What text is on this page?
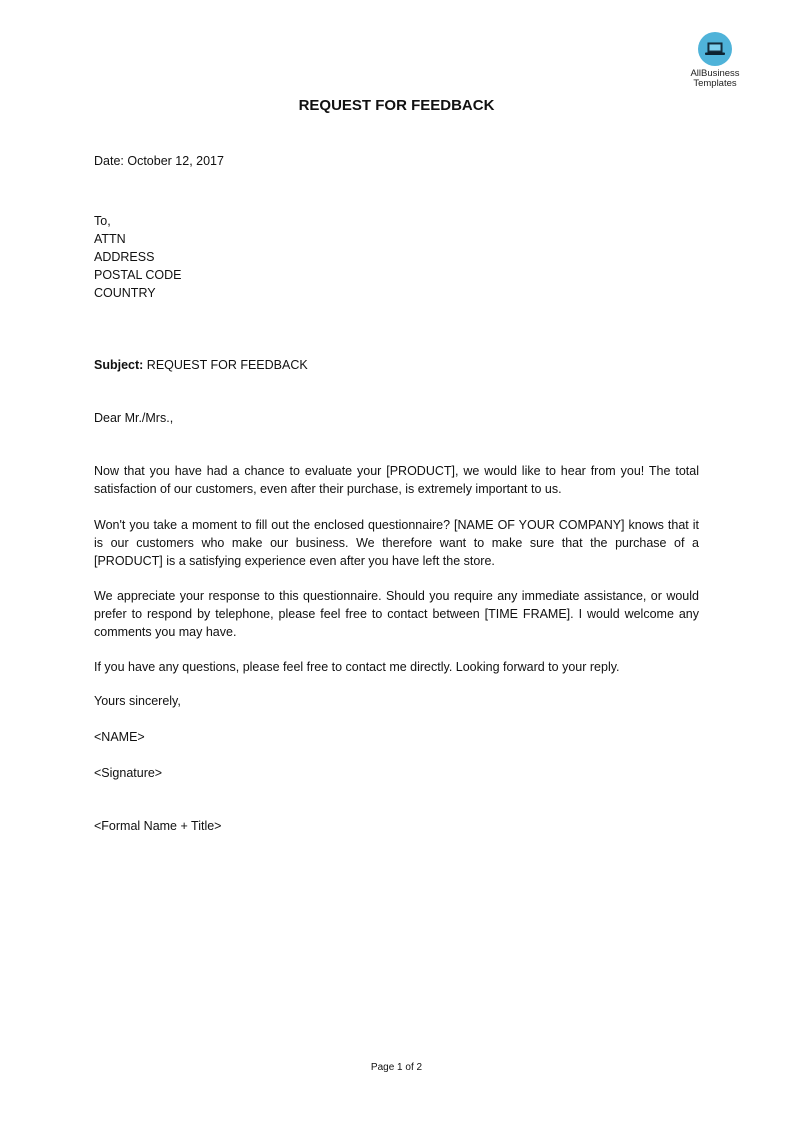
AllBusiness
Templates
REQUEST FOR FEEDBACK
Date: October 12, 2017
To,
ATTN
ADDRESS
POSTAL CODE
COUNTRY
Subject: REQUEST FOR FEEDBACK
Dear Mr./Mrs.,
Now that you have had a chance to evaluate your [PRODUCT], we would like to hear from you! The total satisfaction of our customers, even after their purchase, is extremely important to us.
Won't you take a moment to fill out the enclosed questionnaire? [NAME OF YOUR COMPANY] knows that it is our customers who make our business. We therefore want to make sure that the purchase of a [PRODUCT] is a satisfying experience even after you have left the store.
We appreciate your response to this questionnaire. Should you require any immediate assistance, or would prefer to respond by telephone, please feel free to contact between [TIME FRAME]. I would welcome any comments you may have.
If you have any questions, please feel free to contact me directly. Looking forward to your reply.
Yours sincerely,
<NAME>
<Signature>
<Formal Name + Title>
Page 1 of 2
